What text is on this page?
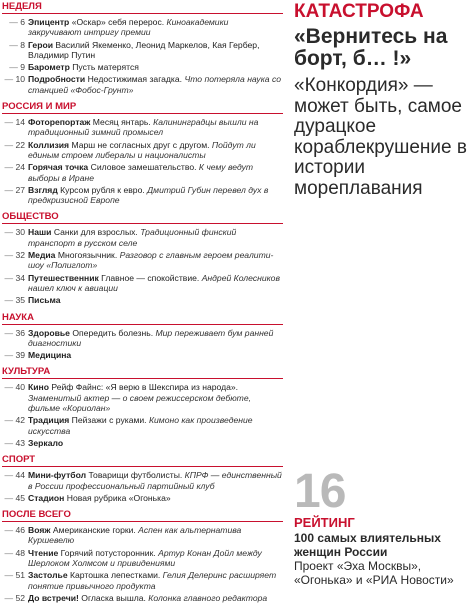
НЕДЕЛЯ
— 6 Эпицентр «Оскар» себя перерос. Киноакадемики закручивают интригу премии
— 8 Герои Василий Якеменко, Леонид Маркелов, Кая Гербер, Владимир Путин
— 9 Барометр Пусть матерятся
— 10 Подробности Недостижимая загадка. Что потеряла наука со станцией «Фобос-Грунт»
РОССИЯ И МИР
— 14 Фоторепортаж Месяц янтарь. Калининградцы вышли на традиционный зимний промысел
— 22 Коллизия Марш не согласных друг с другом. Пойдут ли единым строем либералы и националисты
— 24 Горячая точка Силовое замешательство. К чему ведут выборы в Иране
— 27 Взгляд Курсом рубля к евро. Дмитрий Губин перевел дух в предкризисной Европе
ОБЩЕСТВО
— 30 Наши Санки для взрослых. Традиционный финский транспорт в русском селе
— 32 Медиа Многоязычник. Разговор с главным героем реалити-шоу «Полиглот»
— 34 Путешественник Главное — спокойствие. Андрей Колесников нашел ключ к авиации
— 35 Письма
НАУКА
— 36 Здоровье Опередить болезнь. Мир переживает бум ранней диагностики
— 39 Медицина
КУЛЬТУРА
— 40 Кино Рейф Файнс: «Я верю в Шекспира из народа». Знаменитый актер — о своем режиссерском дебюте, фильме «Кориолан»
— 42 Традиция Пейзажи с руками. Кимоно как произведение искусства
— 43 Зеркало
СПОРТ
— 44 Мини-футбол Товарищи футболисты. КПРФ — единственный в России профессиональный партийный клуб
— 45 Стадион Новая рубрика «Огонька»
ПОСЛЕ ВСЕГО
— 46 Вояж Американские горки. Аспен как альтернатива Куршевелю
— 48 Чтение Горячий потусторонник. Артур Конан Дойл между Шерлоком Холмсом и привидениями
— 51 Застолье Картошка лепестками. Гелия Делеринс расширяет понятие привычного продукта
— 52 До встречи! Огласка вышла. Колонка главного редактора
КАТАСТРОФА
«Вернитесь на борт, б… !»
«Конкордия» — может быть, самое дурацкое кораблекрушение в истории мореплавания
16
РЕЙТИНГ
100 самых влиятельных женщин России
Проект «Эха Москвы», «Огонька» и «РИА Новости»
